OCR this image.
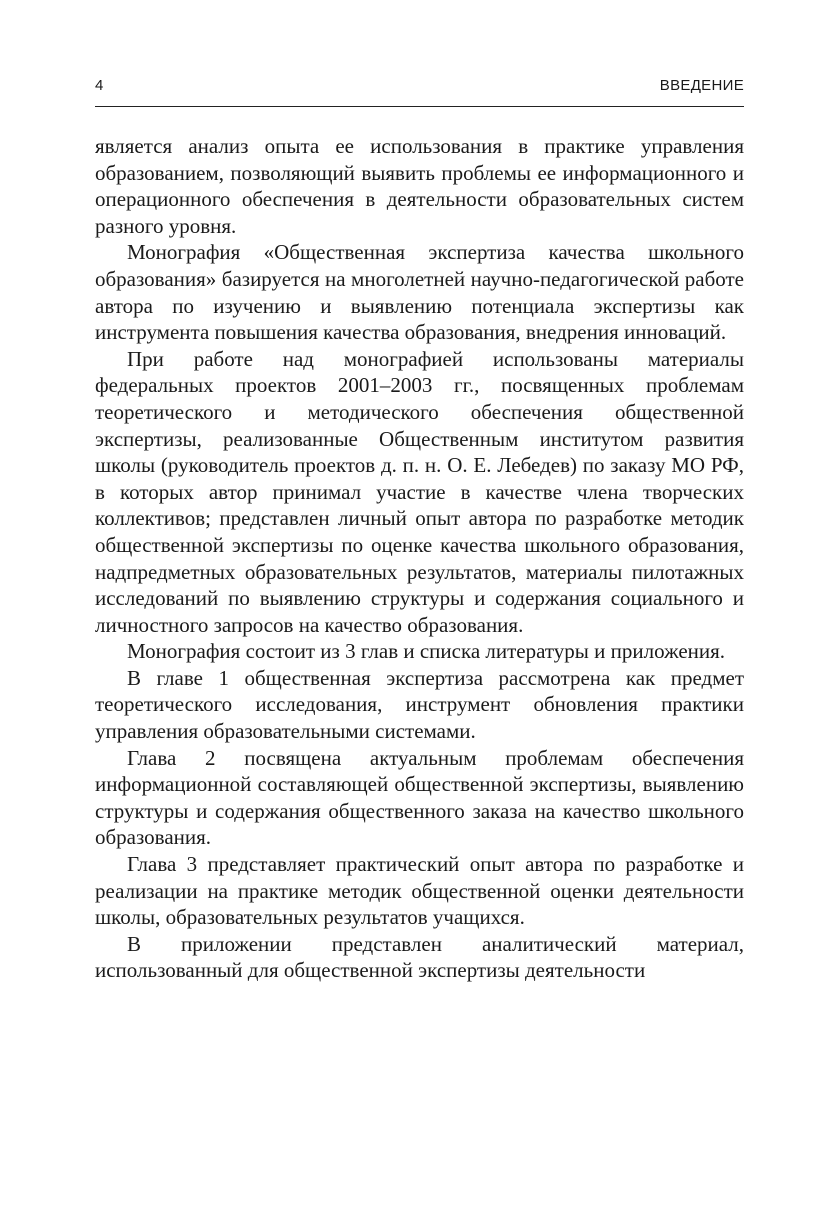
4	ВВЕДЕНИЕ

является анализ опыта ее использования в практике управления образованием, позволяющий выявить проблемы ее информационного и операционного обеспечения в деятельности образовательных систем разного уровня.

Монография «Общественная экспертиза качества школьного образования» базируется на многолетней научно-педагогической работе автора по изучению и выявлению потенциала экспертизы как инструмента повышения качества образования, внедрения инноваций.

При работе над монографией использованы материалы федеральных проектов 2001–2003 гг., посвященных проблемам теоретического и методического обеспечения общественной экспертизы, реализованные Общественным институтом развития школы (руководитель проектов д. п. н. О. Е. Лебедев) по заказу МО РФ, в которых автор принимал участие в качестве члена творческих коллективов; представлен личный опыт автора по разработке методик общественной экспертизы по оценке качества школьного образования, надпредметных образовательных результатов, материалы пилотажных исследований по выявлению структуры и содержания социального и личностного запросов на качество образования.

Монография состоит из 3 глав и списка литературы и приложения.

В главе 1 общественная экспертиза рассмотрена как предмет теоретического исследования, инструмент обновления практики управления образовательными системами.

Глава 2 посвящена актуальным проблемам обеспечения информационной составляющей общественной экспертизы, выявлению структуры и содержания общественного заказа на качество школьного образования.

Глава 3 представляет практический опыт автора по разработке и реализации на практике методик общественной оценки деятельности школы, образовательных результатов учащихся.

В приложении представлен аналитический материал, использованный для общественной экспертизы деятельности
